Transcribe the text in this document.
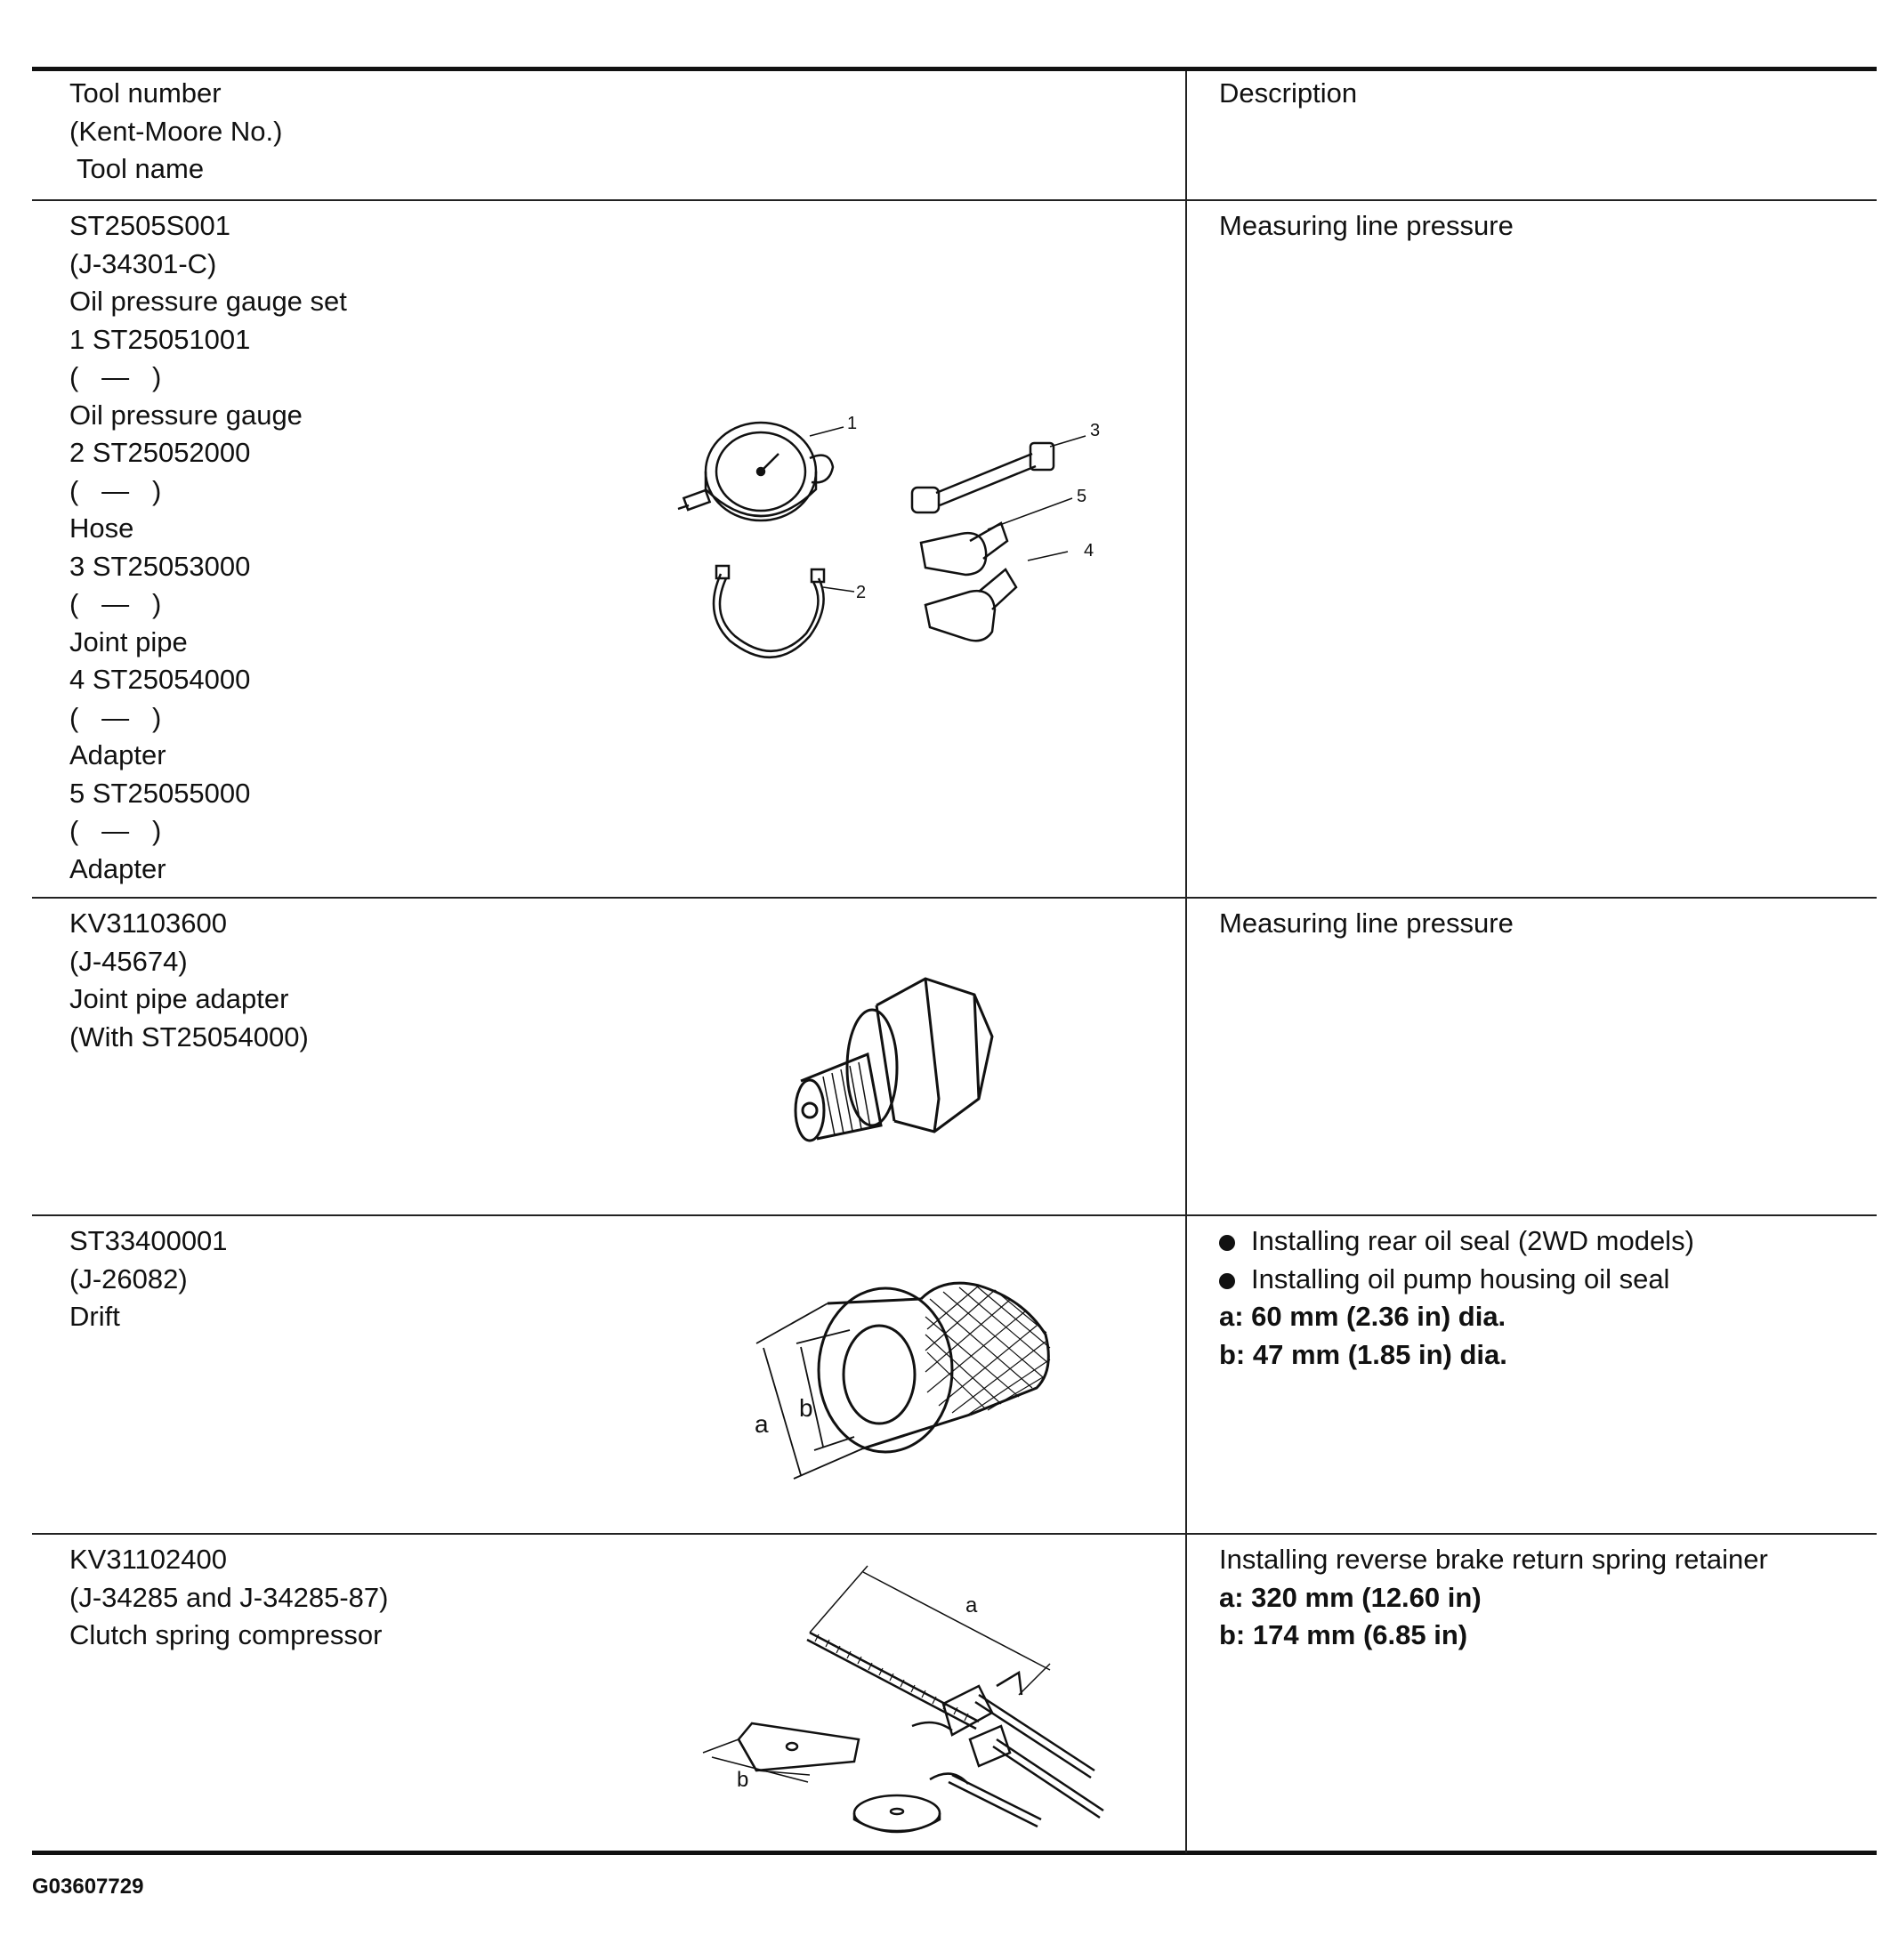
Tool number
(Kent-Moore No.)
Tool name
Description
ST2505S001
(J-34301-C)
Oil pressure gauge set
1 ST25051001
(   —   )
Oil pressure gauge
2 ST25052000
(   —   )
Hose
3 ST25053000
(   —   )
Joint pipe
4 ST25054000
(   —   )
Adapter
5 ST25055000
(   —   )
Adapter
Measuring line pressure
1
2
3
4
5
KV31103600
(J-45674)
Joint pipe adapter
(With ST25054000)
Measuring line pressure
ST33400001
(J-26082)
Drift
Installing rear oil seal (2WD models)
Installing oil pump housing oil seal
a: 60 mm (2.36 in) dia.
b: 47 mm (1.85 in) dia.
a
b
KV31102400
(J-34285 and J-34285-87)
Clutch spring compressor
Installing reverse brake return spring retainer
a: 320 mm (12.60 in)
b: 174 mm (6.85 in)
a
b
G03607729
